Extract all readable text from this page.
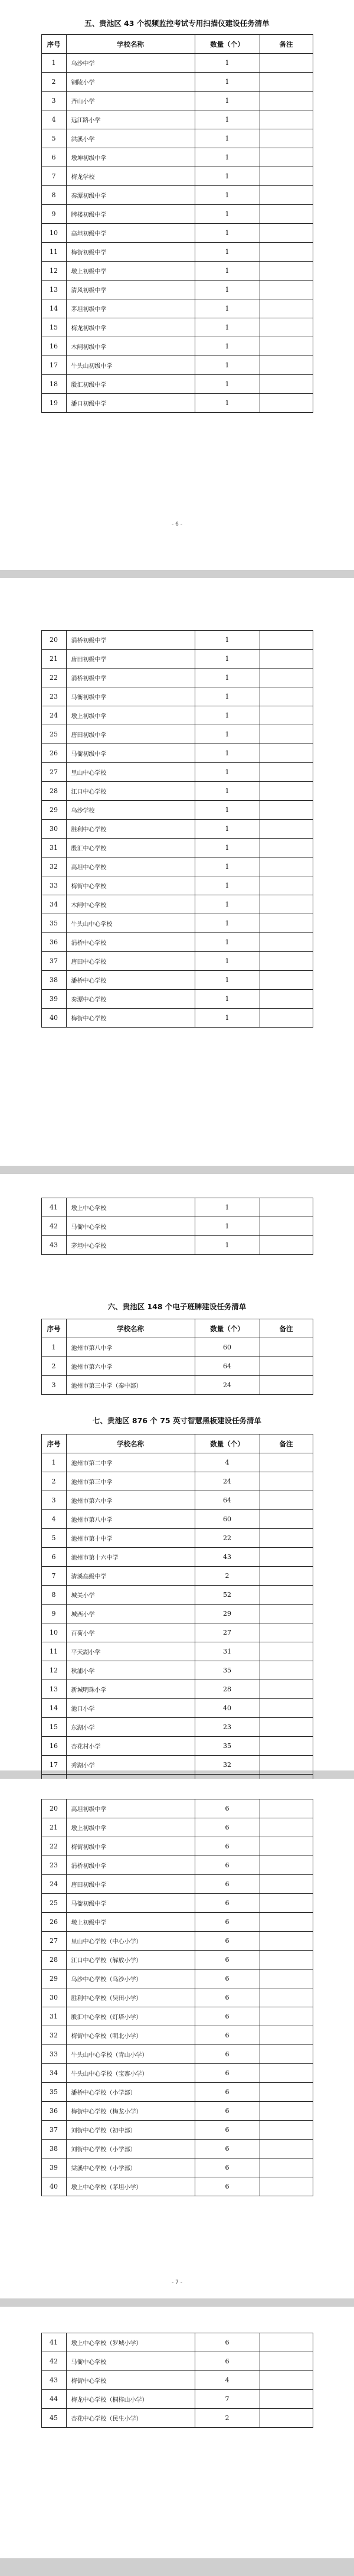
五、贵池区 43 个视频监控考试专用扫描仪建设任务清单
序号	学校名称	数量（个）	备注
1	乌沙中学	1	
2	钢陵小学	1	
3	齐山小学	1	
4	远江路小学	1	
5	洪溪小学	1	
6	墩坤初级中学	1	
7	梅龙学校	1	
8	秦潭初级中学	1	
9	牌楼初级中学	1	
10	高坦初级中学	1	
11	梅街初级中学	1	
12	墩上初级中学	1	
13	清风初级中学	1	
14	茅坦初级中学	1	
15	梅龙初级中学	1	
16	木闸初级中学	1	
17	牛头山初级中学	1	
18	殷汇初级中学	1	
19	潘口初级中学	1	
- 6 -
20	涓桥初级中学	1	
21	唐田初级中学	1	
22	涓桥初级中学	1	
23	马衙初级中学	1	
24	墩上初级中学	1	
25	唐田初级中学	1	
26	马衙初级中学	1	
27	里山中心学校	1	
28	江口中心学校	1	
29	乌沙学校	1	
30	胜利中心学校	1	
31	殷汇中心学校	1	
32	高坦中心学校	1	
33	梅街中心学校	1	
34	木闸中心学校	1	
35	牛头山中心学校	1	
36	涓桥中心学校	1	
37	唐田中心学校	1	
38	潘桥中心学校	1	
39	秦潭中心学校	1	
40	梅街中心学校	1	
41	墩上中心学校	1	
42	马衙中心学校	1	
43	茅坦中心学校	1	
六、贵池区 148 个电子班牌建设任务清单
序号	学校名称	数量（个）	备注
1	池州市第八中学	60	
2	池州市第六中学	64	
3	池州市第三中学（秦中部）	24	
七、贵池区 876 个 75 英寸智慧黑板建设任务清单
序号	学校名称	数量（个）	备注
1	池州市第二中学	4	
2	池州市第三中学	24	
3	池州市第六中学	64	
4	池州市第八中学	60	
5	池州市第十中学	22	
6	池州市第十六中学	43	
7	清溪高级中学	2	
8	城关小学	52	
9	城西小学	29	
10	百荷小学	27	
11	平天湖小学	31	
12	秋浦小学	35	
13	新城明珠小学	28	
14	池口小学	40	
15	东湖小学	23	
16	杏花村小学	35	
17	秀湖小学	32	

20	高坦初级中学	6	
21	墩上初级中学	6	
22	梅街初级中学	6	
23	涓桥初级中学	6	
24	唐田初级中学	6	
25	马衙初级中学	6	
26	墩上初级中学	6	
27	里山中心学校（中心小学）	6	
28	江口中心学校（解放小学）	6	
29	乌沙中心学校（乌沙小学）	6	
30	胜利中心学校（吴田小学）	6	
31	殷汇中心学校（灯塔小学）	6	
32	梅街中心学校（明北小学）	6	
33	牛头山中心学校（青山小学）	6	
34	牛头山中心学校（宝寨小学）	6	
35	潘桥中心学校（小学部）	6	
36	梅街中心学校（梅龙小学）	6	
37	刘街中心学校（初中部）	6	
38	刘街中心学校（小学部）	6	
39	棠溪中心学校（小学部）	6	
40	墩上中心学校（茅坦小学）	6	
- 7 -
41	墩上中心学校（罗城小学）	6	
42	马衙中心学校	6	
43	梅街中心学校	4	
44	梅龙中心学校（桐梓山小学）	7	
45	杏花中心学校（民生小学）	2	
